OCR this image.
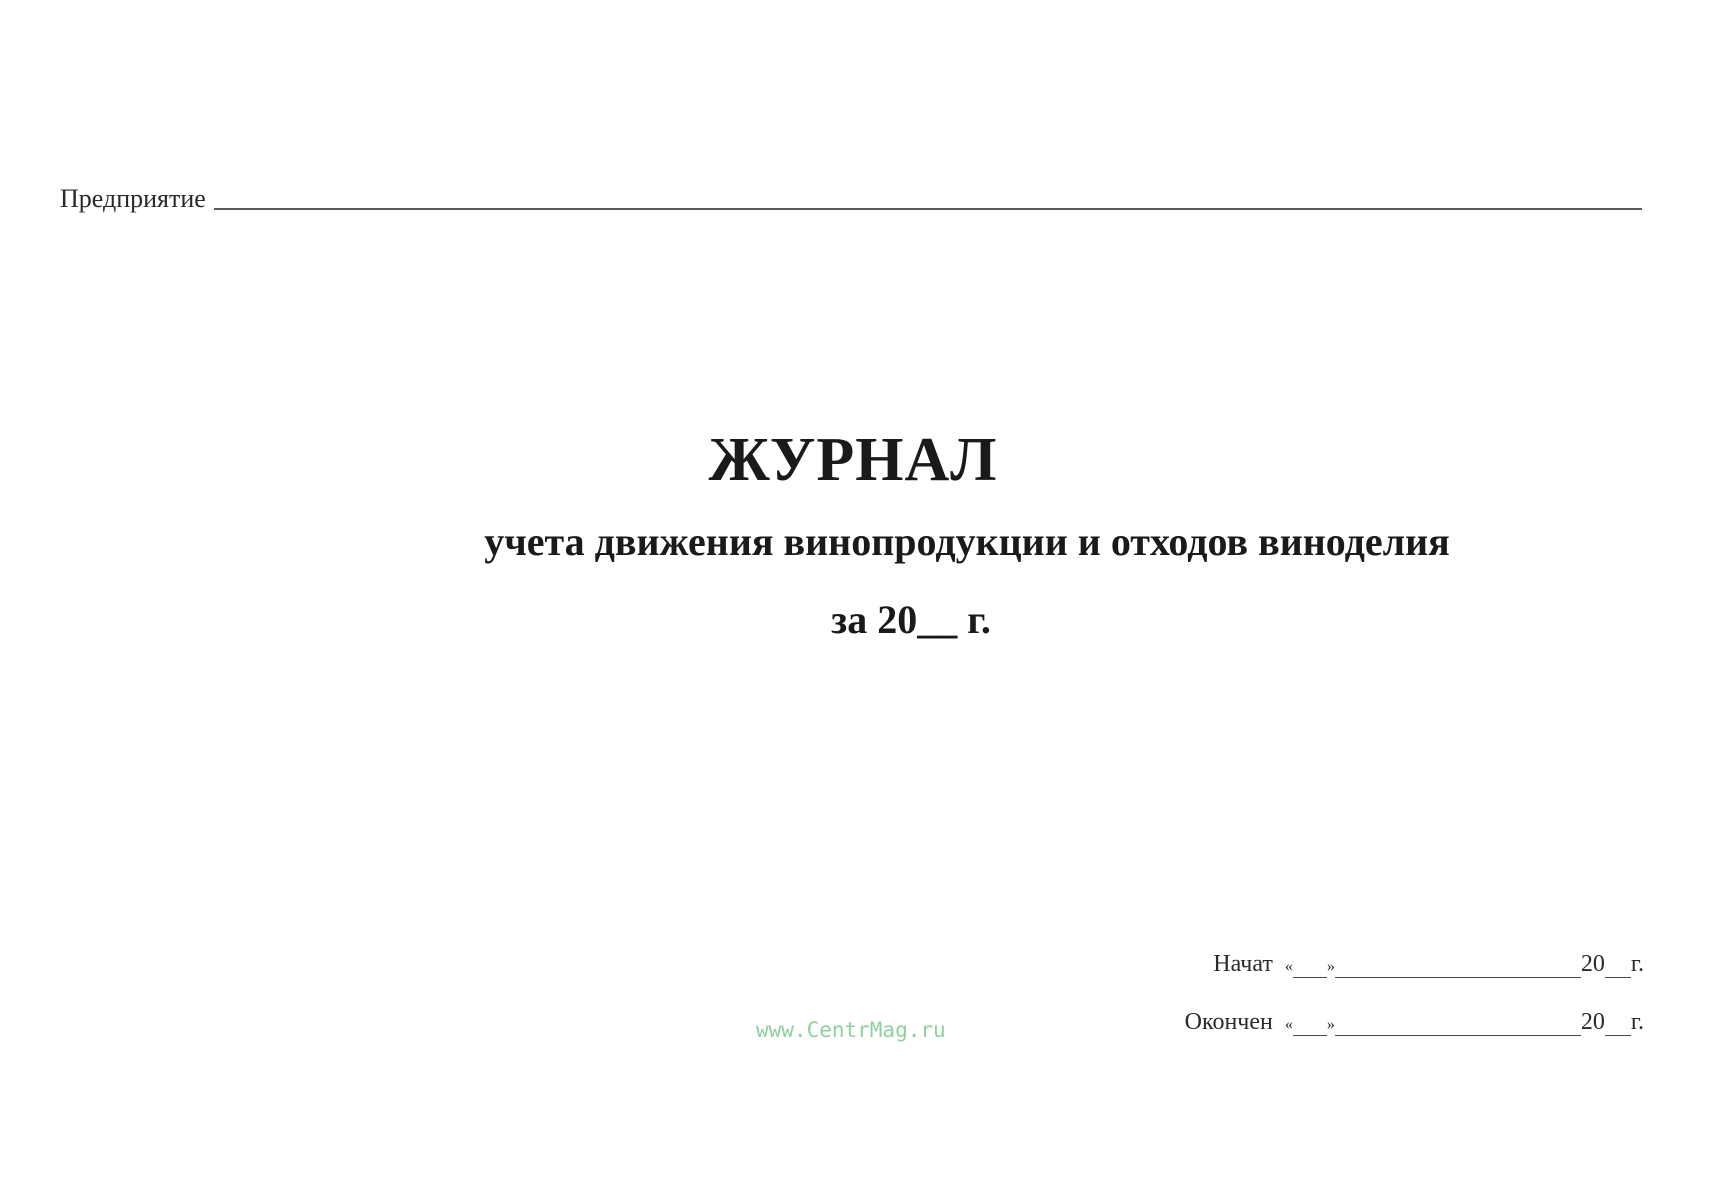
Предприятие
ЖУРНАЛ
учета движения винопродукции и отходов виноделия
за 20__ г.
www.CentrMag.ru
Начат « »	20 г.
Окончен « »	20 г.
